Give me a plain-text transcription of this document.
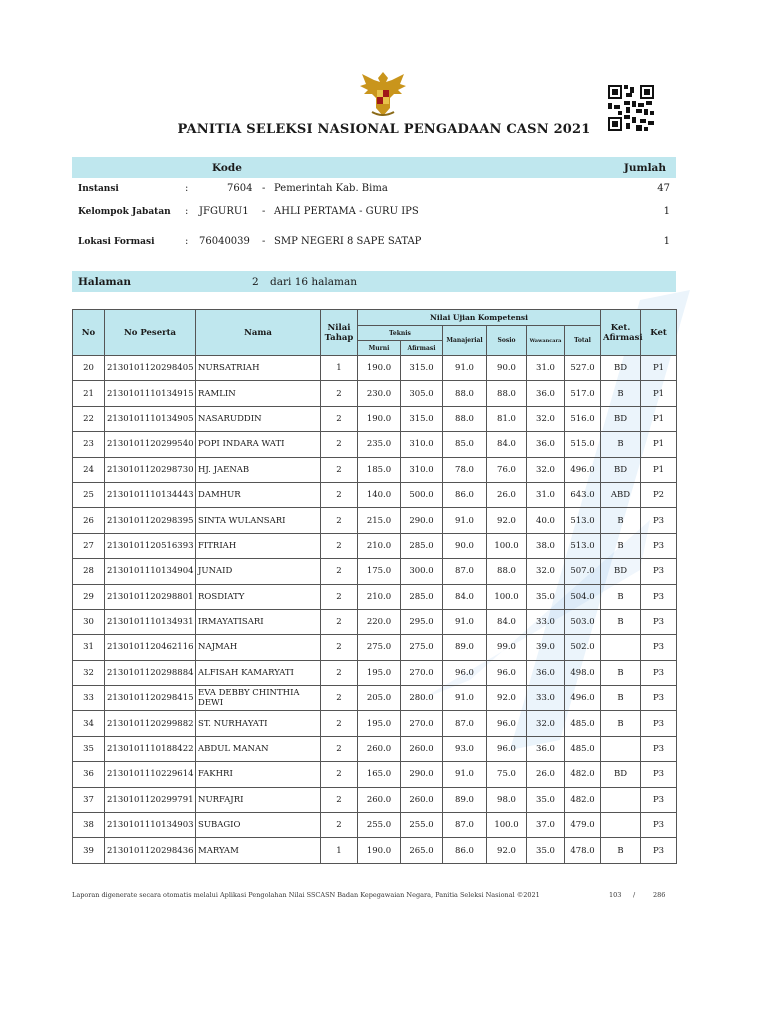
PANITIA SELEKSI NASIONAL PENGADAAN CASN 2021
Kode	Jumlah
Instansi	:	7604 - Pemerintah Kab. Bima	47
Kelompok Jabatan : JFGURU1 - AHLI PERTAMA - GURU IPS	1
Lokasi Formasi	: 76040039 - SMP NEGERI 8 SAPE SATAP	1
Halaman	2 dari 16 halaman
No	No Peserta	Nama	Nilai Tahap	Nilai Ujian Kompetensi						Ket. Afirmasi	Ket
				Teknis		Manajerial	Sosio	Wawancara	Total		
				Murni	Afirmasi						
20	2130101120298405	NURSATRIAH	1	190.0	315.0	91.0	90.0	31.0	527.0	BD	P1
21	2130101110134915	RAMLIN	2	230.0	305.0	88.0	88.0	36.0	517.0	B	P1
22	2130101110134905	NASARUDDIN	2	190.0	315.0	88.0	81.0	32.0	516.0	BD	P1
23	2130101120299540	POPI INDARA WATI	2	235.0	310.0	85.0	84.0	36.0	515.0	B	P1
24	2130101120298730	HJ. JAENAB	2	185.0	310.0	78.0	76.0	32.0	496.0	BD	P1
25	2130101110134443	DAMHUR	2	140.0	500.0	86.0	26.0	31.0	643.0	ABD	P2
26	2130101120298395	SINTA WULANSARI	2	215.0	290.0	91.0	92.0	40.0	513.0	B	P3
27	2130101120516393	FITRIAH	2	210.0	285.0	90.0	100.0	38.0	513.0	B	P3
28	2130101110134904	JUNAID	2	175.0	300.0	87.0	88.0	32.0	507.0	BD	P3
29	2130101120298801	ROSDIATY	2	210.0	285.0	84.0	100.0	35.0	504.0	B	P3
30	2130101110134931	IRMAYATISARI	2	220.0	295.0	91.0	84.0	33.0	503.0	B	P3
31	2130101120462116	NAJMAH	2	275.0	275.0	89.0	99.0	39.0	502.0		P3
32	2130101120298884	ALFISAH KAMARYATI	2	195.0	270.0	96.0	96.0	36.0	498.0	B	P3
33	2130101120298415	EVA DEBBY CHINTHIA DEWI	2	205.0	280.0	91.0	92.0	33.0	496.0	B	P3
34	2130101120299882	ST. NURHAYATI	2	195.0	270.0	87.0	96.0	32.0	485.0	B	P3
35	2130101110188422	ABDUL MANAN	2	260.0	260.0	93.0	96.0	36.0	485.0		P3
36	2130101110229614	FAKHRI	2	165.0	290.0	91.0	75.0	26.0	482.0	BD	P3
37	2130101120299791	NURFAJRI	2	260.0	260.0	89.0	98.0	35.0	482.0		P3
38	2130101110134903	SUBAGIO	2	255.0	255.0	87.0	100.0	37.0	479.0		P3
39	2130101120298436	MARYAM	1	190.0	265.0	86.0	92.0	35.0	478.0	B	P3
Laporan digenerate secara otomatis melalui Aplikasi Pengolahan Nilai SSCASN Badan Kepegawaian Negara, Panitia Seleksi Nasional ©2021	103 /	286
